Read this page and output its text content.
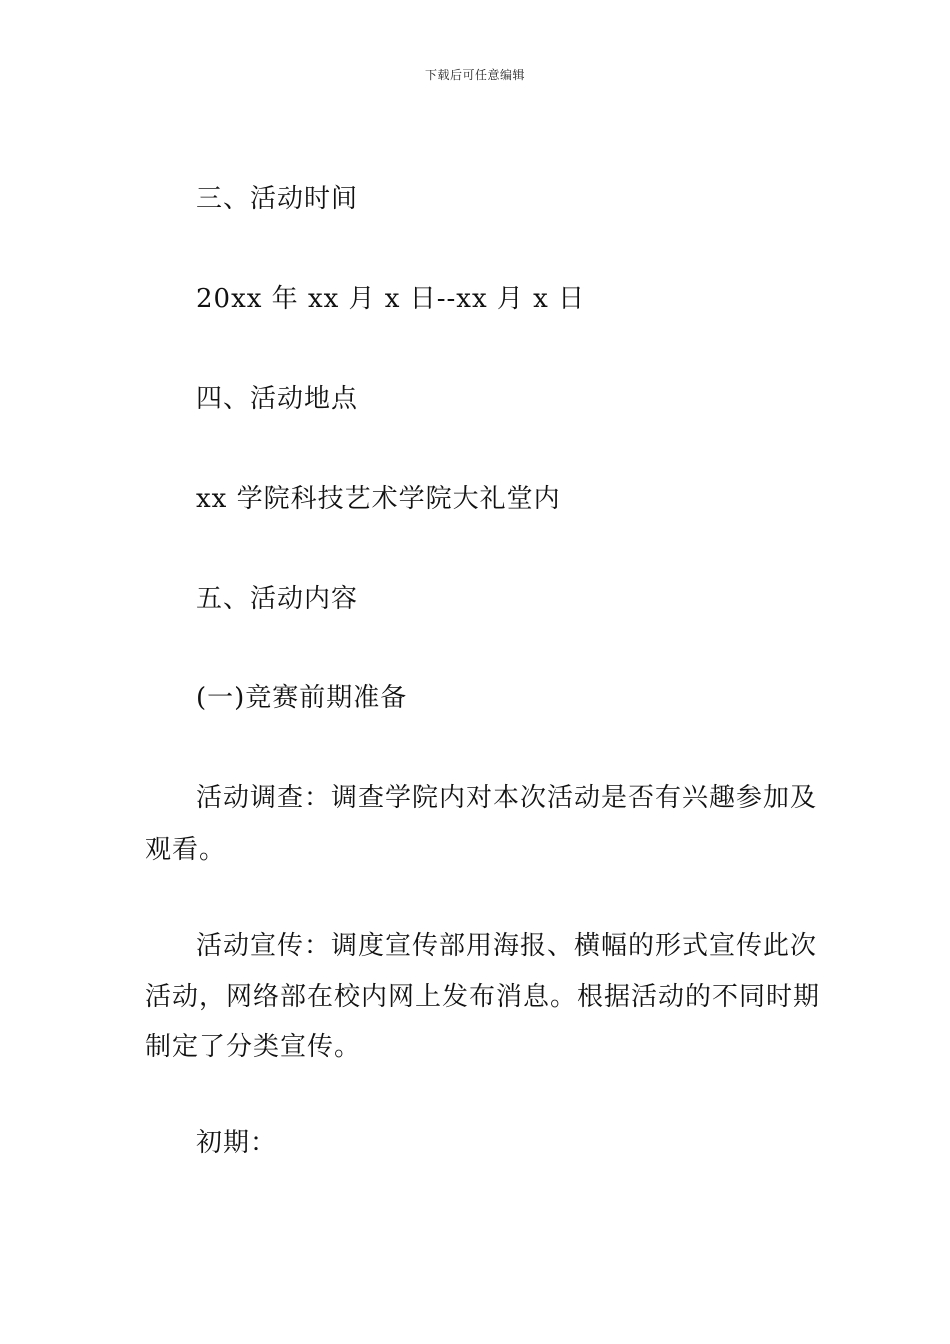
下载后可任意编辑
三、活动时间
20xx 年 xx 月 x 日--xx 月 x 日
四、活动地点
xx 学院科技艺术学院大礼堂内
五、活动内容
(一)竞赛前期准备
活动调查：调查学院内对本次活动是否有兴趣参加及
观看。
活动宣传：调度宣传部用海报、横幅的形式宣传此次
活动，网络部在校内网上发布消息。根据活动的不同时期
制定了分类宣传。
初期：
